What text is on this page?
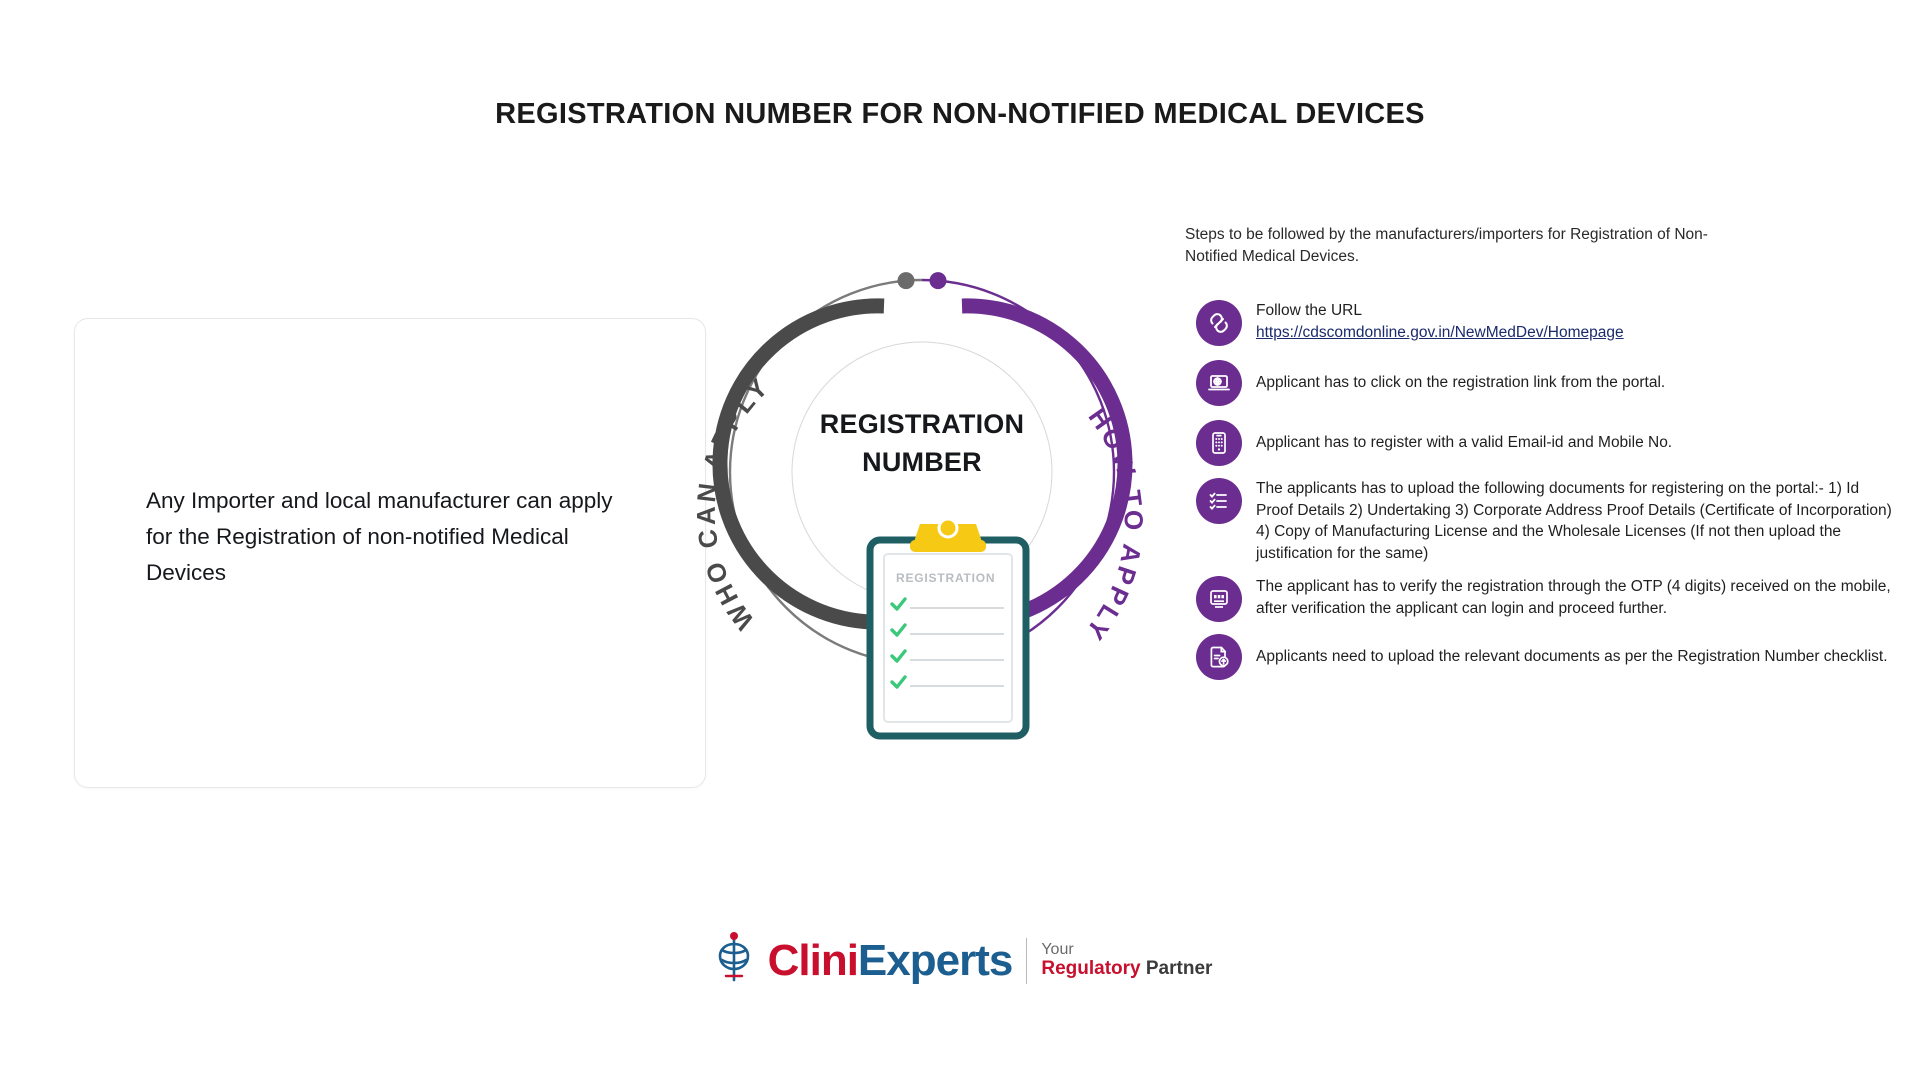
REGISTRATION NUMBER FOR NON-NOTIFIED MEDICAL DEVICES
Any Importer and local manufacturer can apply for the Registration of non-notified Medical Devices
WHO CAN APPLY
HOW TO APPLY
REGISTRATION
NUMBER
REGISTRATION
Steps to be followed by the manufacturers/importers for Registration of Non-Notified Medical Devices.
Follow the URL
https://cdscomdonline.gov.in/NewMedDev/Homepage
Applicant has to click on the registration link from the portal.
Applicant has to register with a valid Email-id and Mobile No.
The applicants has to upload the following documents for registering on the portal:- 1) Id Proof Details 2) Undertaking 3) Corporate Address Proof Details (Certificate of Incorporation) 4) Copy of Manufacturing License and the Wholesale Licenses (If not then upload the justification for the same)
The applicant has to verify the registration through the OTP (4 digits) received on the mobile, after verification the applicant can login and proceed further.
Applicants need to upload the relevant documents as per the Registration Number checklist.
Clini Experts Your
Regulatory Partner
